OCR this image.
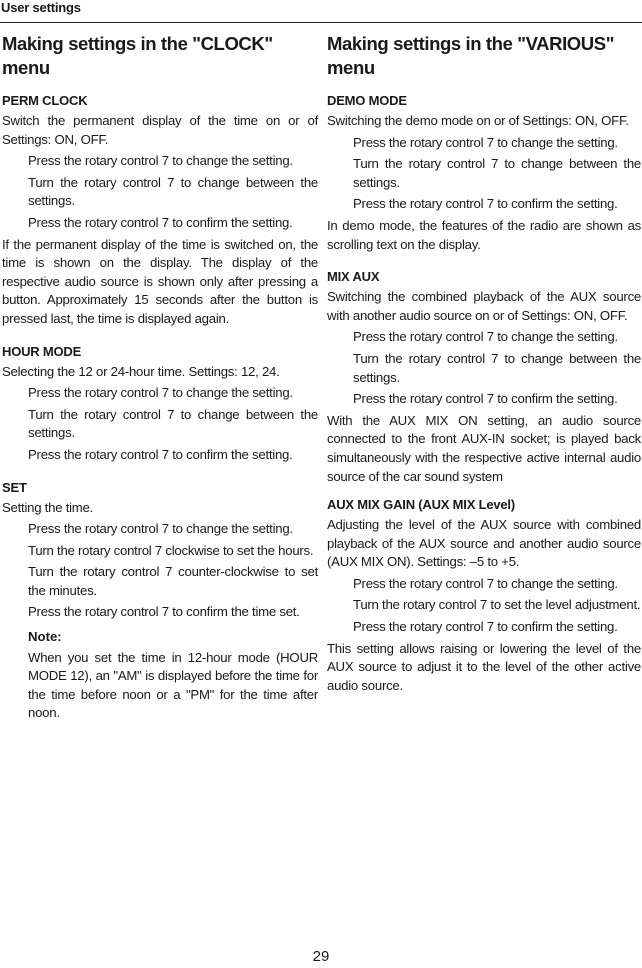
User settings
Making settings in the "CLOCK" menu
PERM CLOCK

Switch the permanent display of the time on or of Settings: ON, OFF.

Press the rotary control 7 to change the setting.
Turn the rotary control 7 to change between the settings.
Press the rotary control 7 to confirm the setting.

If the permanent display of the time is switched on, the time is shown on the display. The display of the respective audio source is shown only after pressing a button. Approximately 15 seconds after the button is pressed last, the time is displayed again.

HOUR MODE

Selecting the 12 or 24-hour time. Settings: 12, 24.

Press the rotary control 7 to change the setting.
Turn the rotary control 7 to change between the settings.
Press the rotary control 7 to confirm the setting.
SET

Setting the time.

Press the rotary control 7 to change the setting.
Turn the rotary control 7 clockwise to set the hours.
Turn the rotary control 7 counter-clockwise to set the minutes.
Press the rotary control 7 to confirm the time set.
Note:
When you set the time in 12-hour mode (HOUR MODE 12), an "AM" is displayed before the time for the time before noon or a "PM" for the time after noon.
Making settings in the "VARIOUS" menu
DEMO MODE

Switching the demo mode on or of Settings: ON, OFF.

Press the rotary control 7 to change the setting.
Turn the rotary control 7 to change between the settings.
Press the rotary control 7 to confirm the setting.

In demo mode, the features of the radio are shown as scrolling text on the display.

MIX AUX

Switching the combined playback of the AUX source with another audio source on or of Settings: ON, OFF.

Press the rotary control 7 to change the setting.
Turn the rotary control 7 to change between the settings.
Press the rotary control 7 to confirm the setting.

With the AUX MIX ON setting, an audio source connected to the front AUX-IN socket; is played back simultaneously with the respective active internal audio source of the car sound system

AUX MIX GAIN (AUX MIX Level)

Adjusting the level of the AUX source with combined playback of the AUX source and another audio source (AUX MIX ON). Settings: –5 to +5.

Press the rotary control 7 to change the setting.
Turn the rotary control 7 to set the level adjustment.
Press the rotary control 7 to confirm the setting.

This setting allows raising or lowering the level of the AUX source to adjust it to the level of the other active audio source.

29
